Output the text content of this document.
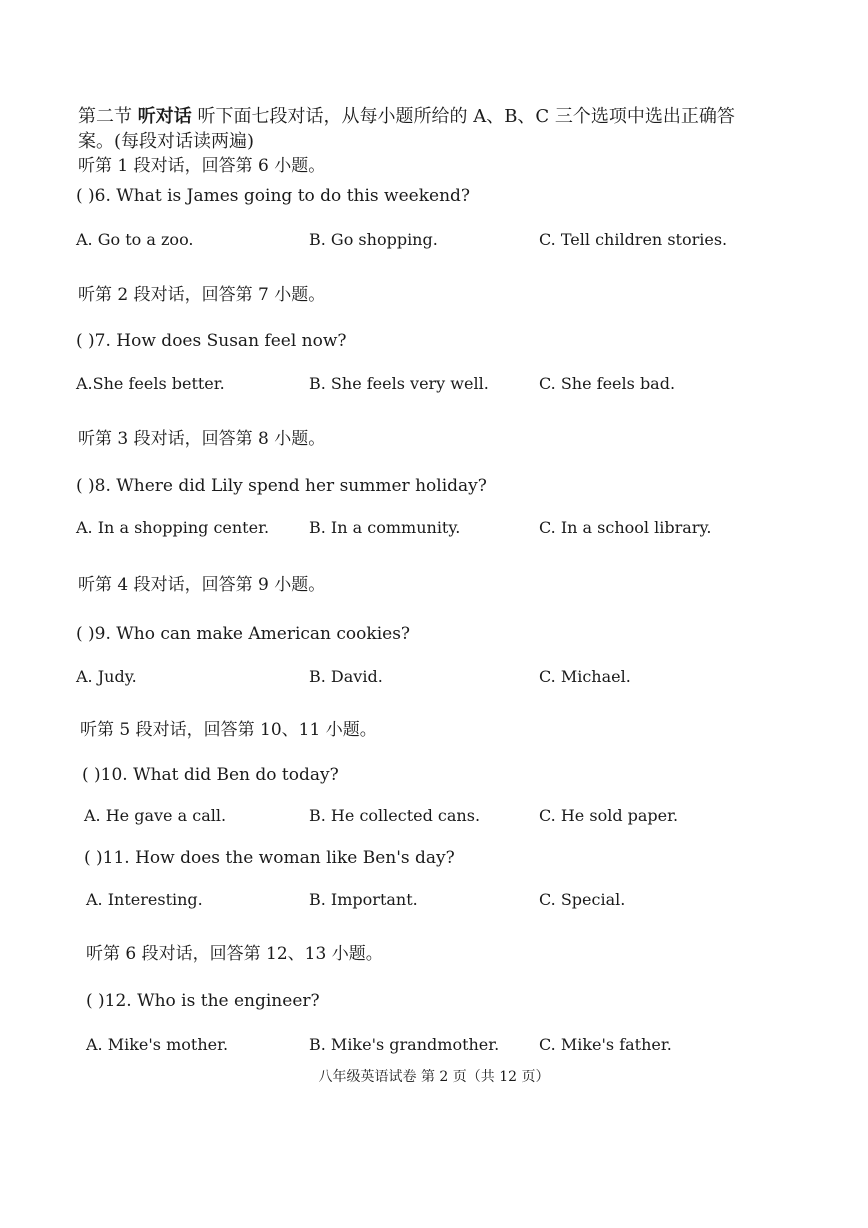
第二节 听对话 听下面七段对话，从每小题所给的 A、B、C 三个选项中选出正确答
案。(每段对话读两遍)
听第 1 段对话，回答第 6 小题。
( )6. What is James going to do this weekend?
A. Go to a zoo.	B. Go shopping.	C. Tell children stories.
听第 2 段对话，回答第 7 小题。
( )7. How does Susan feel now?
A.She feels better.	B. She feels very well.	C. She feels bad.
听第 3 段对话，回答第 8 小题。
( )8. Where did Lily spend her summer holiday?
A. In a shopping center. B. In a community.	C. In a school library.
听第 4 段对话，回答第 9 小题。
( )9. Who can make American cookies?
A. Judy.	B. David.	C. Michael.
听第 5 段对话，回答第 10、11 小题。
( )10. What did Ben do today?
A. He gave a call.	B. He collected cans.	C. He sold paper.
( )11. How does the woman like Ben's day?
A. Interesting.	B. Important.	C. Special.
听第 6 段对话，回答第 12、13 小题。
( )12. Who is the engineer?
A. Mike's mother.	B. Mike's grandmother. C. Mike's father.
八年级英语试卷 第 2 页（共 12 页）
